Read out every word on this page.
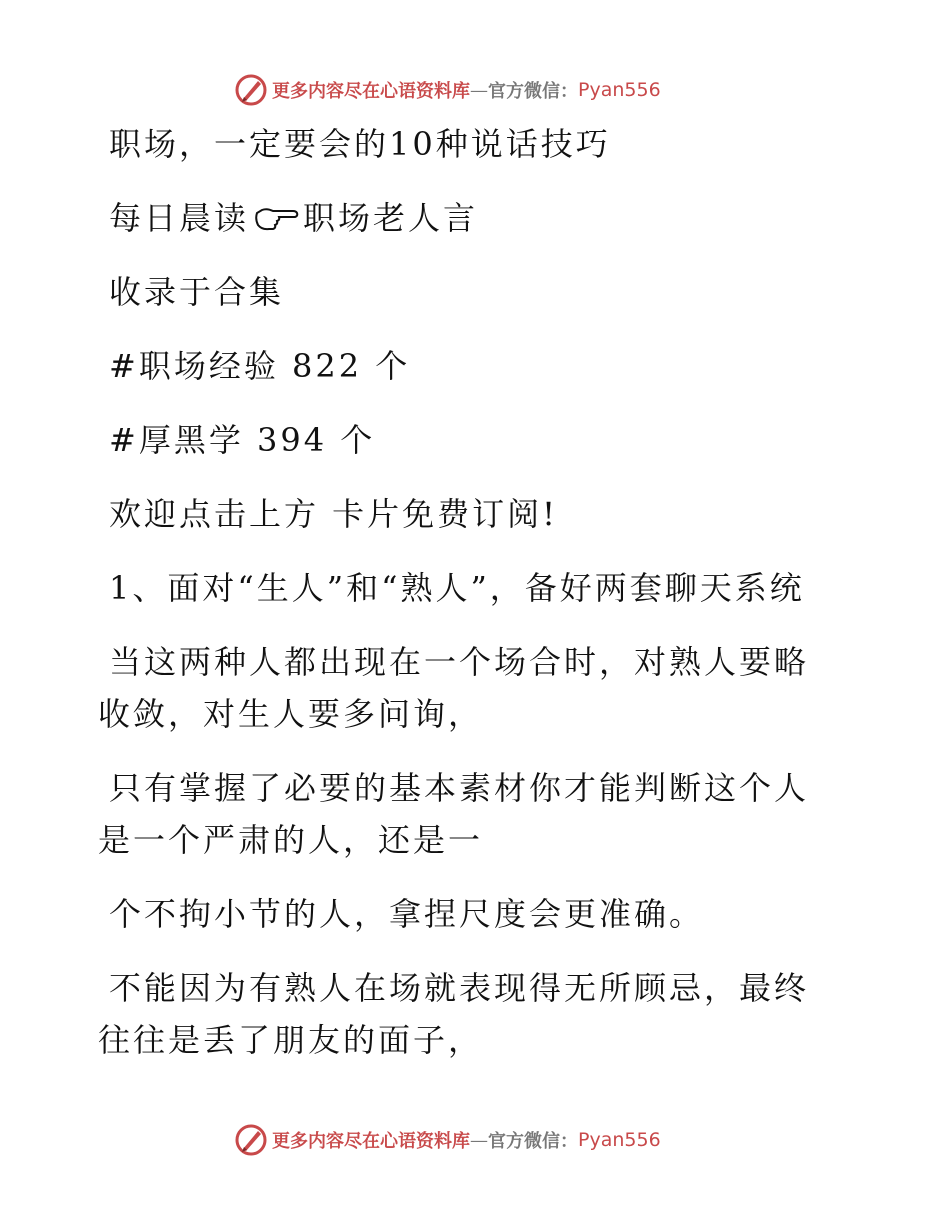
更多内容尽在心语资料库 — 官方微信： Pyan556

职场，一定要会的10种说话技巧

每日晨读 职场老人言

收录于合集

#职场经验 822 个

#厚黑学 394 个

欢迎点击上方 卡片免费订阅!

1、面对“生人”和“熟人”，备好两套聊天系统

当这两种人都出现在一个场合时，对熟人要略收敛，对生人要多问询，

只有掌握了必要的基本素材你才能判断这个人是一个严肃的人，还是一

个不拘小节的人，拿捏尺度会更准确。

不能因为有熟人在场就表现得无所顾忌，最终往往是丢了朋友的面子，

更多内容尽在心语资料库 — 官方微信： Pyan556
